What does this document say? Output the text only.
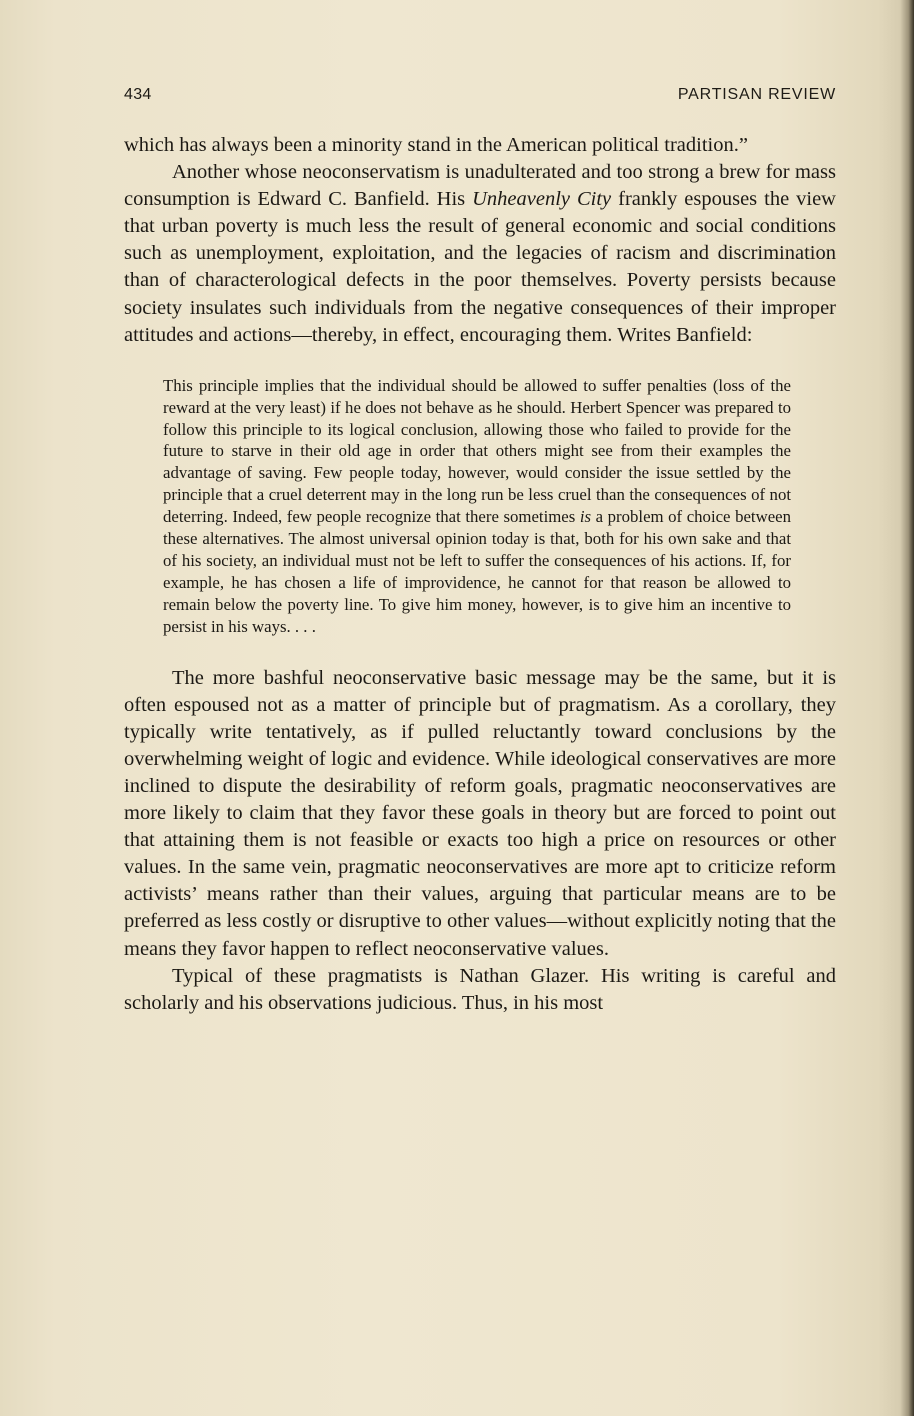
434	PARTISAN REVIEW

which has always been a minority stand in the American political tradition.”

Another whose neoconservatism is unadulterated and too strong a brew for mass consumption is Edward C. Banfield. His Unheavenly City frankly espouses the view that urban poverty is much less the result of general economic and social conditions such as unemployment, exploitation, and the legacies of racism and discrimination than of characterological defects in the poor themselves. Poverty persists because society insulates such individuals from the negative consequences of their improper attitudes and actions—thereby, in effect, encouraging them. Writes Banfield:

This principle implies that the individual should be allowed to suffer penalties (loss of the reward at the very least) if he does not behave as he should. Herbert Spencer was prepared to follow this principle to its logical conclusion, allowing those who failed to provide for the future to starve in their old age in order that others might see from their examples the advantage of saving. Few people today, however, would consider the issue settled by the principle that a cruel deterrent may in the long run be less cruel than the consequences of not deterring. Indeed, few people recognize that there sometimes is a problem of choice between these alternatives. The almost universal opinion today is that, both for his own sake and that of his society, an individual must not be left to suffer the consequences of his actions. If, for example, he has chosen a life of improvidence, he cannot for that reason be allowed to remain below the poverty line. To give him money, however, is to give him an incentive to persist in his ways. . . .

The more bashful neoconservative basic message may be the same, but it is often espoused not as a matter of principle but of pragmatism. As a corollary, they typically write tentatively, as if pulled reluctantly toward conclusions by the overwhelming weight of logic and evidence. While ideological conservatives are more inclined to dispute the desirability of reform goals, pragmatic neoconservatives are more likely to claim that they favor these goals in theory but are forced to point out that attaining them is not feasible or exacts too high a price on resources or other values. In the same vein, pragmatic neoconservatives are more apt to criticize reform activists’ means rather than their values, arguing that particular means are to be preferred as less costly or disruptive to other values—without explicitly noting that the means they favor happen to reflect neoconservative values.

Typical of these pragmatists is Nathan Glazer. His writing is careful and scholarly and his observations judicious. Thus, in his most
